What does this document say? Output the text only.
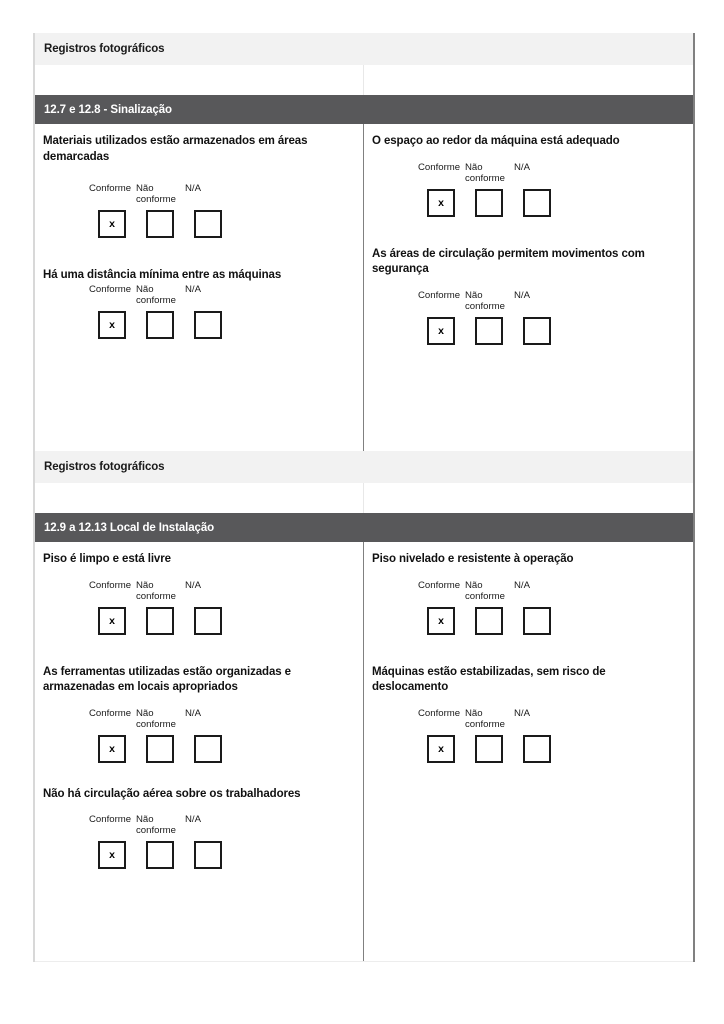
Registros fotográficos
12.7 e 12.8 - Sinalização

Materiais utilizados estão armazenados em áreas demarcadas

Conforme Não conforme
N/A
x

Há uma distância mínima entre as máquinas

Conforme Não conforme
N/A
x

O espaço ao redor da máquina está adequado

Conforme Não conforme
N/A
x

As áreas de circulação permitem movimentos com segurança

Conforme Não conforme
N/A
x
Registros fotográficos
12.9 a 12.13 Local de Instalação

Piso é limpo e está livre

Conforme Não conforme
N/A
x

As ferramentas utilizadas estão organizadas e armazenadas em locais apropriados

Conforme Não conforme
N/A
x

Não há circulação aérea sobre os trabalhadores

Conforme Não conforme
N/A
x

Piso nivelado e resistente à operação

Conforme Não conforme
N/A
x

Máquinas estão estabilizadas, sem risco de deslocamento

Conforme Não conforme
N/A
x
